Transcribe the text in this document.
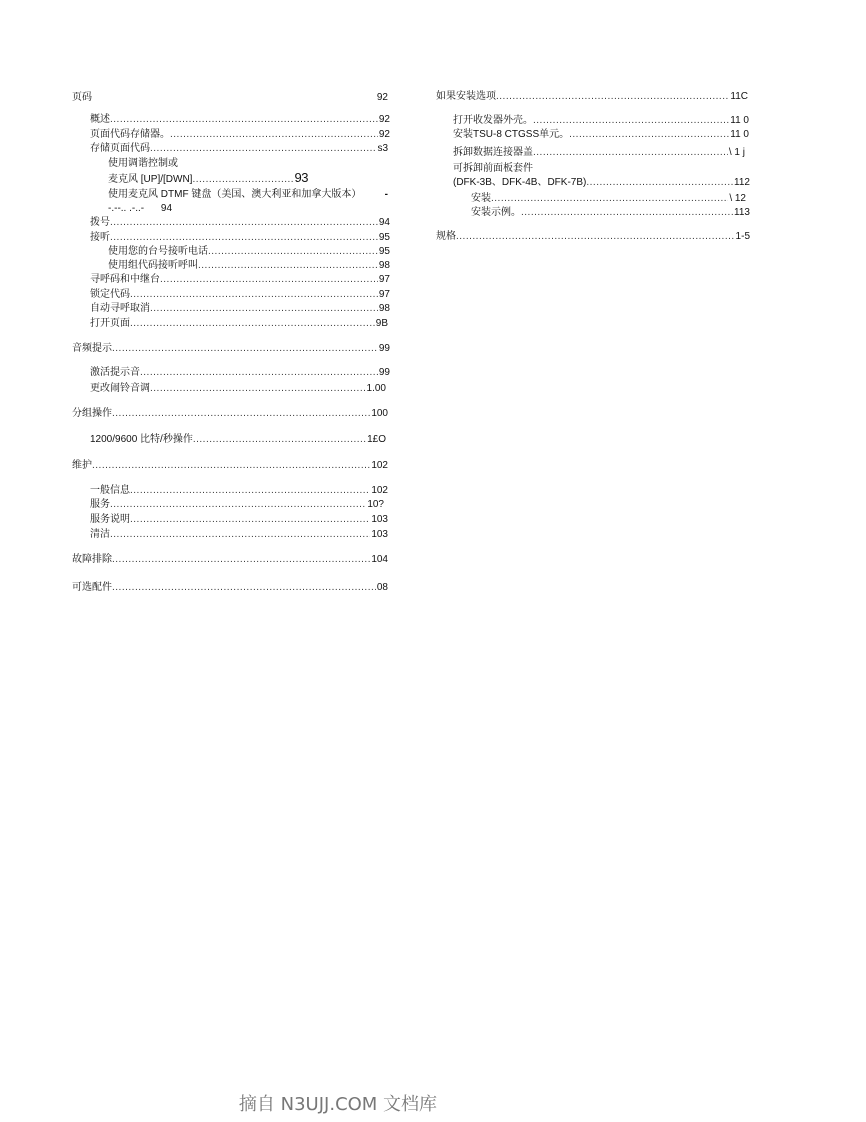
页码	92
概述 .....	92
页面代码存储器。 .....	92
存储页面代码 .....	s3
使用调谐控制或
麦克风 [UP]/[DWN] .....	93
使用麦克风 DTMF 键盘（美国、澳大利亚和加拿大版本） -
-.--.. .-..- 94
拨号 .....	94
接听 .....	95
使用您的台号接听电话 .....	95
使用组代码接听呼叫 .....	98
寻呼码和中继台 .....	97
锁定代码 .....	97
自动寻呼取消 .....	98
打开页面 .....	9B
音频提示 .....	99
激活提示音 .....	99
更改闹铃音调 .....	1.00
分组操作 .....	100
1200/9600 比特/秒操作 .....	1£O
维护 .....	102
一般信息 .....	102
服务 .....	10?
服务说明 .....	103
清洁 .....	103
故障排除 .....	104
可选配件 .....	08
如果安装选项 .....	11C
打开收发器外壳。 .....	11 0
安装TSU-8 CTGSS单元。 .....	11 0
拆卸数据连接器盖 .....	\ 1 j
可拆卸前面板套件
(DFK-3B、DFK-4B、DFK-7B) .....	112
安装 .....	\ 12
安装示例。 .....	113
规格 .....	1-5
摘自 N3UJJ.COM 文档库
